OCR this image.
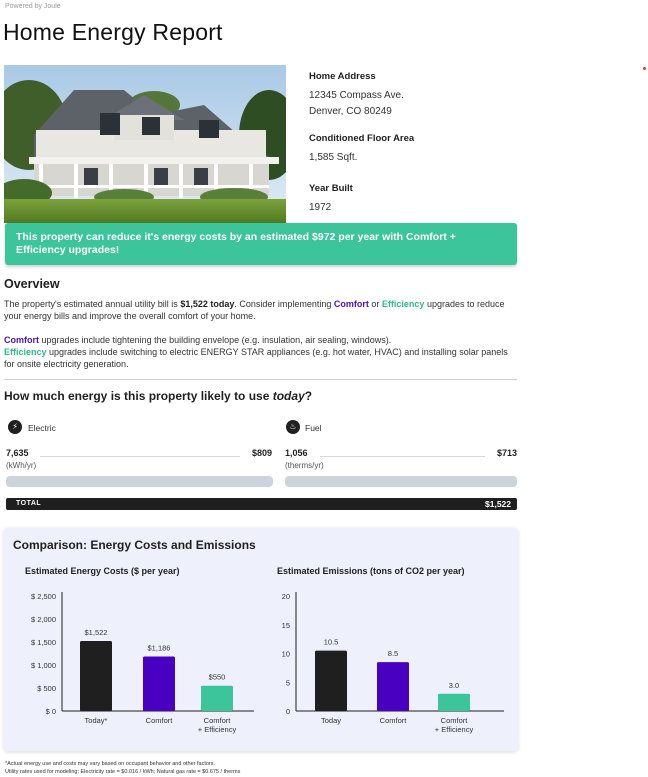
Powered by Joule
Home Energy Report
Home Address
12345 Compass Ave.
Denver, CO 80249
Conditioned Floor Area
1,585 Sqft.
Year Built
1972
This property can reduce it's energy costs by an estimated $972 per year with Comfort + Efficiency upgrades!
Overview
The property's estimated annual utility bill is $1,522 today. Consider implementing Comfort or Efficiency upgrades to reduce your energy bills and improve the overall comfort of your home.
Comfort upgrades include tightening the building envelope (e.g. insulation, air sealing, windows).
Efficiency upgrades include switching to electric ENERGY STAR appliances (e.g. hot water, HVAC) and installing solar panels for onsite electricity generation.
How much energy is this property likely to use today?
⚡︎	Electric
7,635	$809
(kWh/yr)
♨︎ Fuel
1,056	$713
(therms/yr)
TOTAL	$1,522
Comparison: Energy Costs and Emissions
Estimated Energy Costs ($ per year)	Estimated Emissions (tons of CO2 per year)
$ 0
$ 500
$ 1,000
$ 1,500
$ 2,000
$ 2,500
$1,522
Today*
$1,186
Comfort
$550
Comfort
+ Efficiency
0
5
10
15
20
10.5
Today
8.5
Comfort
3.0
Comfort
+ Efficiency
*Actual energy use and costs may vary based on occupant behavior and other factors.
Utility rates used for modeling: Electricity rate = $0.016 / kWh; Natural gas rate = $0.675 / therms
